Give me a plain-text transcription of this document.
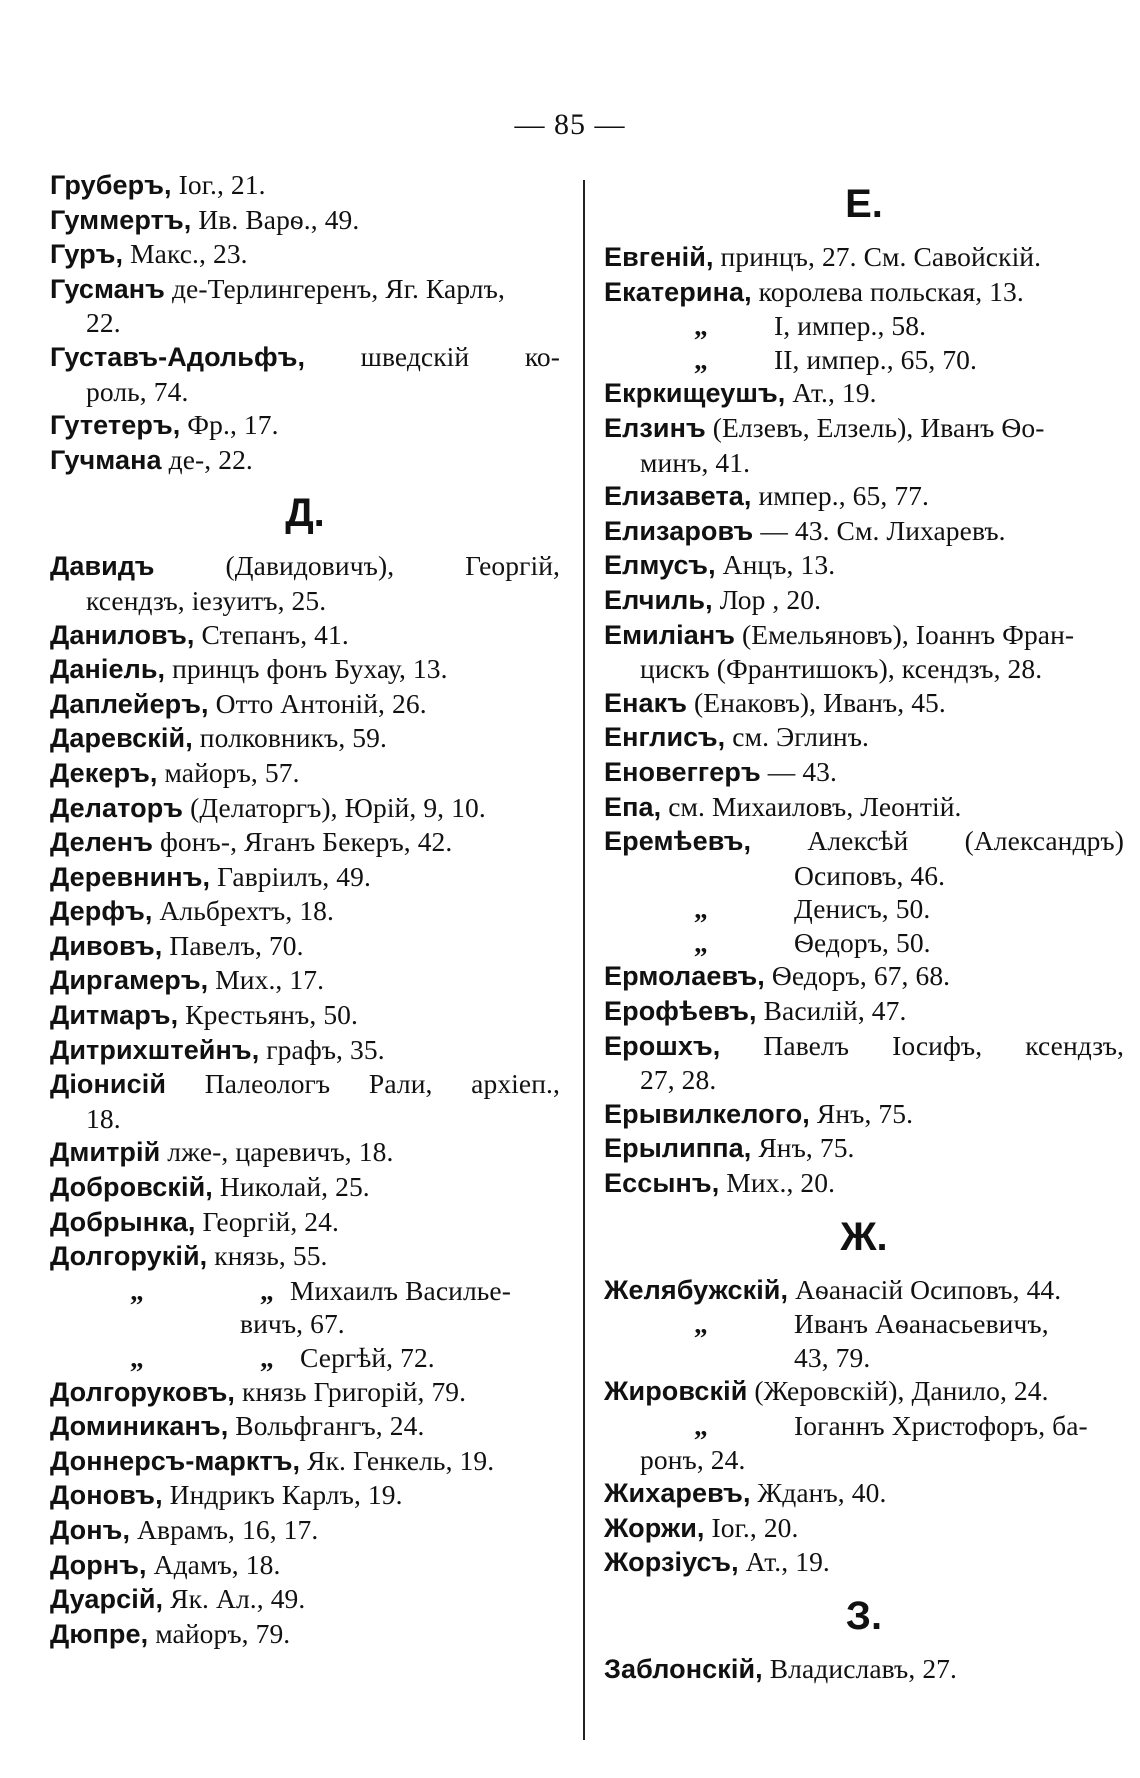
— 85 —
Груберъ, Іог., 21.
Гуммертъ, Ив. Варѳ., 49.
Гуръ, Макс., 23.
Гусманъ де-Терлингеренъ, Яг. Карлъ,
22.
Густавъ-Адольфъ, шведскій ко-
роль, 74.
Гутетеръ, Фр., 17.
Гучмана де-, 22.
Д.
Давидъ (Давидовичъ), Георгій,
ксендзъ, іезуитъ, 25.
Даниловъ, Степанъ, 41.
Даніель, принцъ фонъ Бухау, 13.
Даплейеръ, Отто Антоній, 26.
Даревскій, полковникъ, 59.
Декеръ, майоръ, 57.
Делаторъ (Делаторгъ), Юрій, 9, 10.
Деленъ фонъ-, Яганъ Бекеръ, 42.
Деревнинъ, Гавріилъ, 49.
Дерфъ, Альбрехтъ, 18.
Дивовъ, Павелъ, 70.
Диргамеръ, Мих., 17.
Дитмаръ, Крестьянъ, 50.
Дитрихштейнъ, графъ, 35.
Діонисій Палеологъ Рали, архіеп.,
18.
Дмитрій лже-, царевичъ, 18.
Добровскій, Николай, 25.
Добрынка, Георгій, 24.
Долгорукій, князь, 55.
„	„ Михаилъ Василье-
вичъ, 67.
„	„ Сергѣй, 72.
Долгоруковъ, князь Григорій, 79.
Доминиканъ, Вольфгангъ, 24.
Доннерсъ-марктъ, Як. Генкель, 19.
Доновъ, Индрикъ Карлъ, 19.
Донъ, Аврамъ, 16, 17.
Дорнъ, Адамъ, 18.
Дуарсій, Як. Ал., 49.
Дюпре, майоръ, 79.
Е.
Евгеній, принцъ, 27. См. Савойскій.
Екатерина, королева польская, 13.
„ I, импер., 58.
„ II, импер., 65, 70.
Екркищеушъ, Ат., 19.
Елзинъ (Елзевъ, Елзель), Иванъ Ѳо-
минъ, 41.
Елизавета, импер., 65, 77.
Елизаровъ — 43. См. Лихаревъ.
Елмусъ, Анцъ, 13.
Елчиль, Лор , 20.
Емиліанъ (Емельяновъ), Іоаннъ Фран-
цискъ (Франтишокъ), ксендзъ, 28.
Енакъ (Енаковъ), Иванъ, 45.
Енглисъ, см. Эглинъ.
Еновеггеръ — 43.
Епа, см. Михаиловъ, Леонтій.
Еремѣевъ, Алексѣй (Александръ)
Осиповъ, 46.
„	Денисъ, 50.
„	Ѳедоръ, 50.
Ермолаевъ, Ѳедоръ, 67, 68.
Ерофѣевъ, Василій, 47.
Ерошхъ, Павелъ Іосифъ, ксендзъ,
27, 28.
Ерывилкелого, Янъ, 75.
Ерылиппа, Янъ, 75.
Ессынъ, Мих., 20.
Ж.
Желябужскій, Аѳанасій Осиповъ, 44.
„	Иванъ Аѳанасьевичъ,
43, 79.
Жировскій (Жеровскій), Данило, 24.
„	Іоганнъ Христофоръ, ба-
ронъ, 24.
Жихаревъ, Жданъ, 40.
Жоржи, Іог., 20.
Жорзіусъ, Ат., 19.
З.
Заблонскій, Владиславъ, 27.
